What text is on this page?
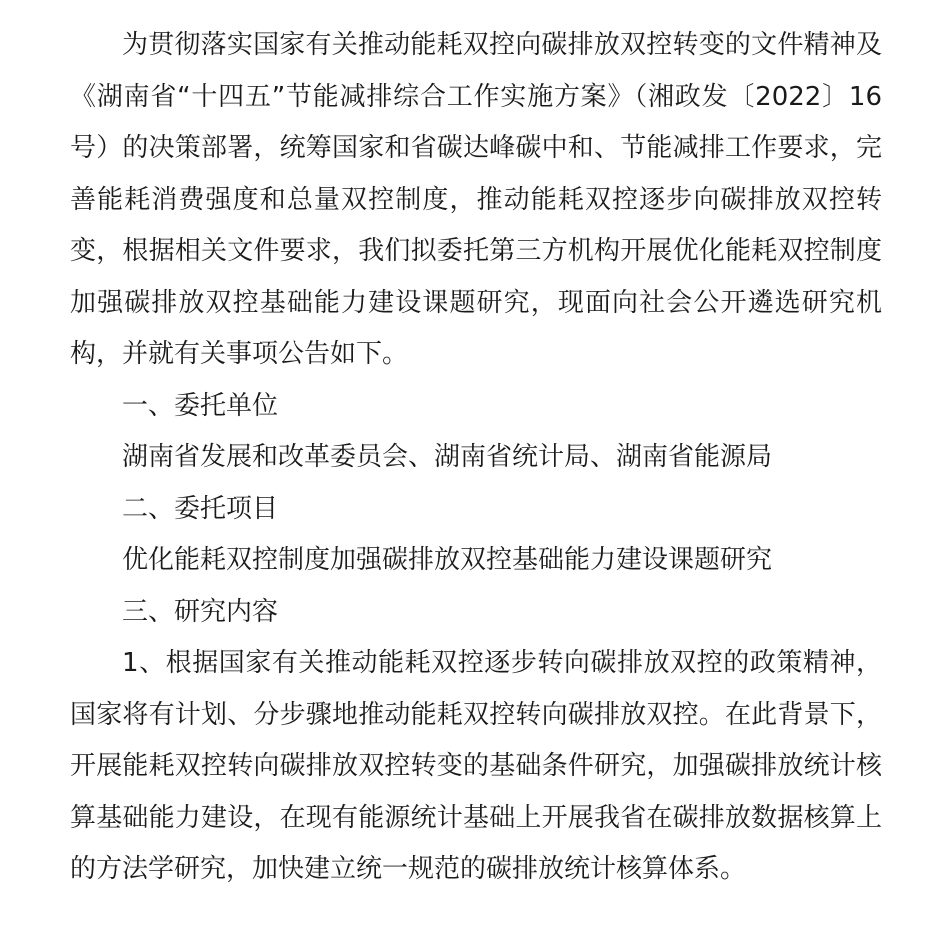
为贯彻落实国家有关推动能耗双控向碳排放双控转变的文件精神及《湖南省“十四五”节能减排综合工作实施方案》（湘政发〔2022〕16号）的决策部署，统筹国家和省碳达峰碳中和、节能减排工作要求，完善能耗消费强度和总量双控制度，推动能耗双控逐步向碳排放双控转变，根据相关文件要求，我们拟委托第三方机构开展优化能耗双控制度加强碳排放双控基础能力建设课题研究，现面向社会公开遴选研究机构，并就有关事项公告如下。

一、委托单位

湖南省发展和改革委员会、湖南省统计局、湖南省能源局

二、委托项目

优化能耗双控制度加强碳排放双控基础能力建设课题研究

三、研究内容

1、根据国家有关推动能耗双控逐步转向碳排放双控的政策精神，国家将有计划、分步骤地推动能耗双控转向碳排放双控。在此背景下，开展能耗双控转向碳排放双控转变的基础条件研究，加强碳排放统计核算基础能力建设，在现有能源统计基础上开展我省在碳排放数据核算上的方法学研究，加快建立统一规范的碳排放统计核算体系。
